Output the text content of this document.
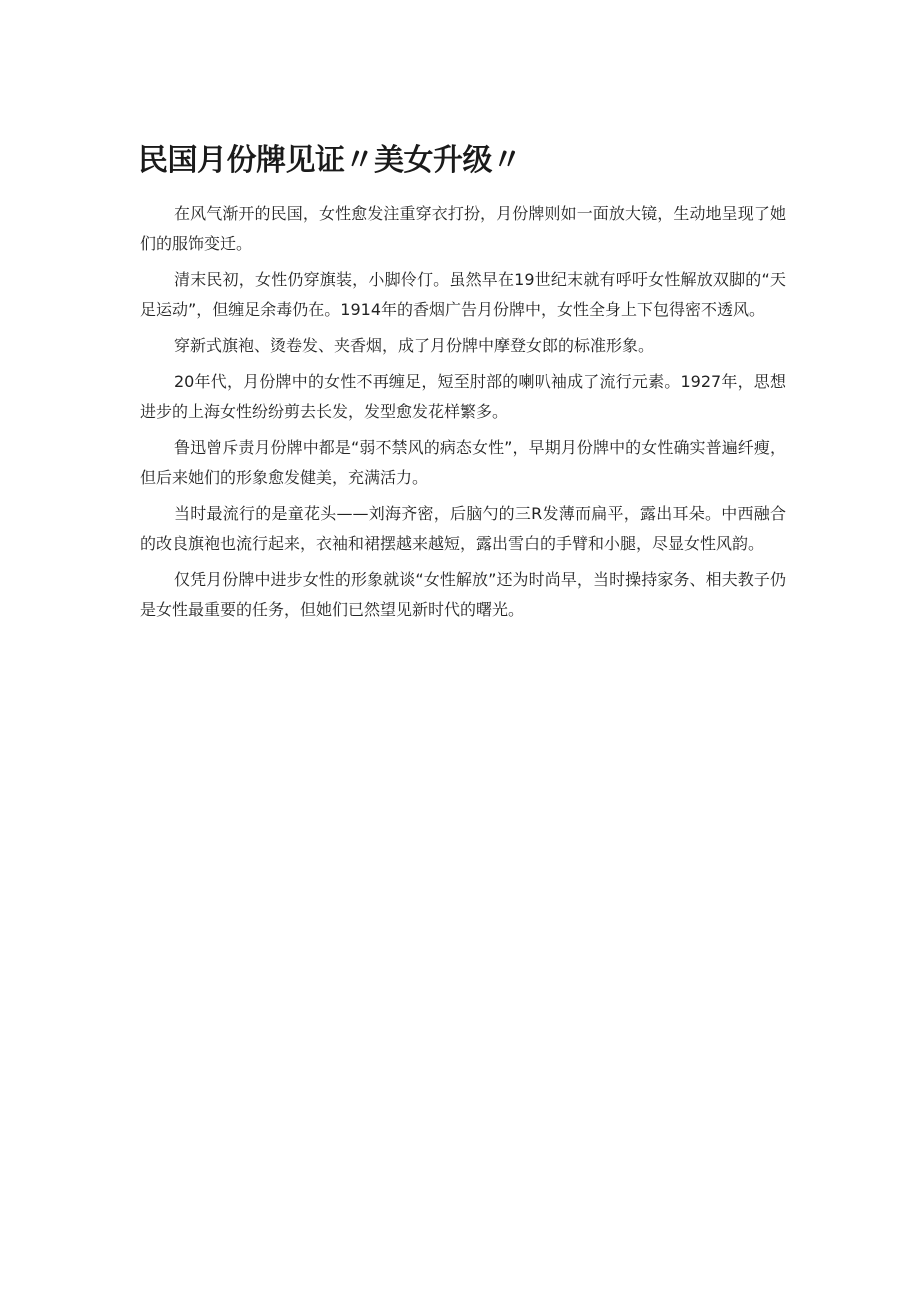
民国月份牌见证〃美女升级〃

在风气渐开的民国，女性愈发注重穿衣打扮，月份牌则如一面放大镜，生动地呈现了她们的服饰变迁。

清末民初，女性仍穿旗装，小脚伶仃。虽然早在19世纪末就有呼吁女性解放双脚的“天足运动”，但缠足余毒仍在。1914年的香烟广告月份牌中，女性全身上下包得密不透风。

穿新式旗袍、烫卷发、夹香烟，成了月份牌中摩登女郎的标准形象。

20年代，月份牌中的女性不再缠足，短至肘部的喇叭袖成了流行元素。1927年，思想进步的上海女性纷纷剪去长发，发型愈发花样繁多。

鲁迅曾斥责月份牌中都是“弱不禁风的病态女性”，早期月份牌中的女性确实普遍纤瘦，但后来她们的形象愈发健美，充满活力。

当时最流行的是童花头——刘海齐密，后脑勺的三R发薄而扁平，露出耳朵。中西融合的改良旗袍也流行起来，衣袖和裙摆越来越短，露出雪白的手臂和小腿，尽显女性风韵。

仅凭月份牌中进步女性的形象就谈“女性解放”还为时尚早，当时操持家务、相夫教子仍是女性最重要的任务，但她们已然望见新时代的曙光。
